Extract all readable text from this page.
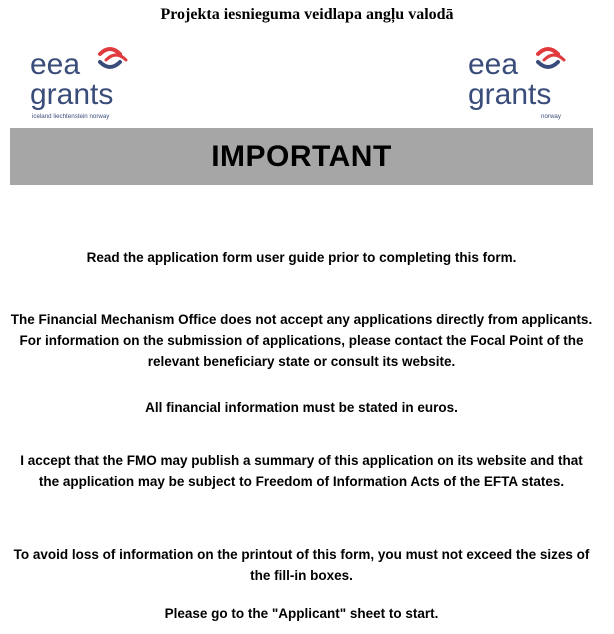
Projekta iesnieguma veidlapa angļu valodā
eea
grants
iceland liechtenstein norway
eea
grants
norway
IMPORTANT
Read the application form user guide prior to completing this form.
The Financial Mechanism Office does not accept any applications directly from applicants. For information on the submission of applications, please contact the Focal Point of the relevant beneficiary state or consult its website.
All financial information must be stated in euros.
I accept that the FMO may publish a summary of this application on its website and that the application may be subject to Freedom of Information Acts of the EFTA states.
To avoid loss of information on the printout of this form, you must not exceed the sizes of the fill-in boxes.
Please go to the "Applicant" sheet to start.
